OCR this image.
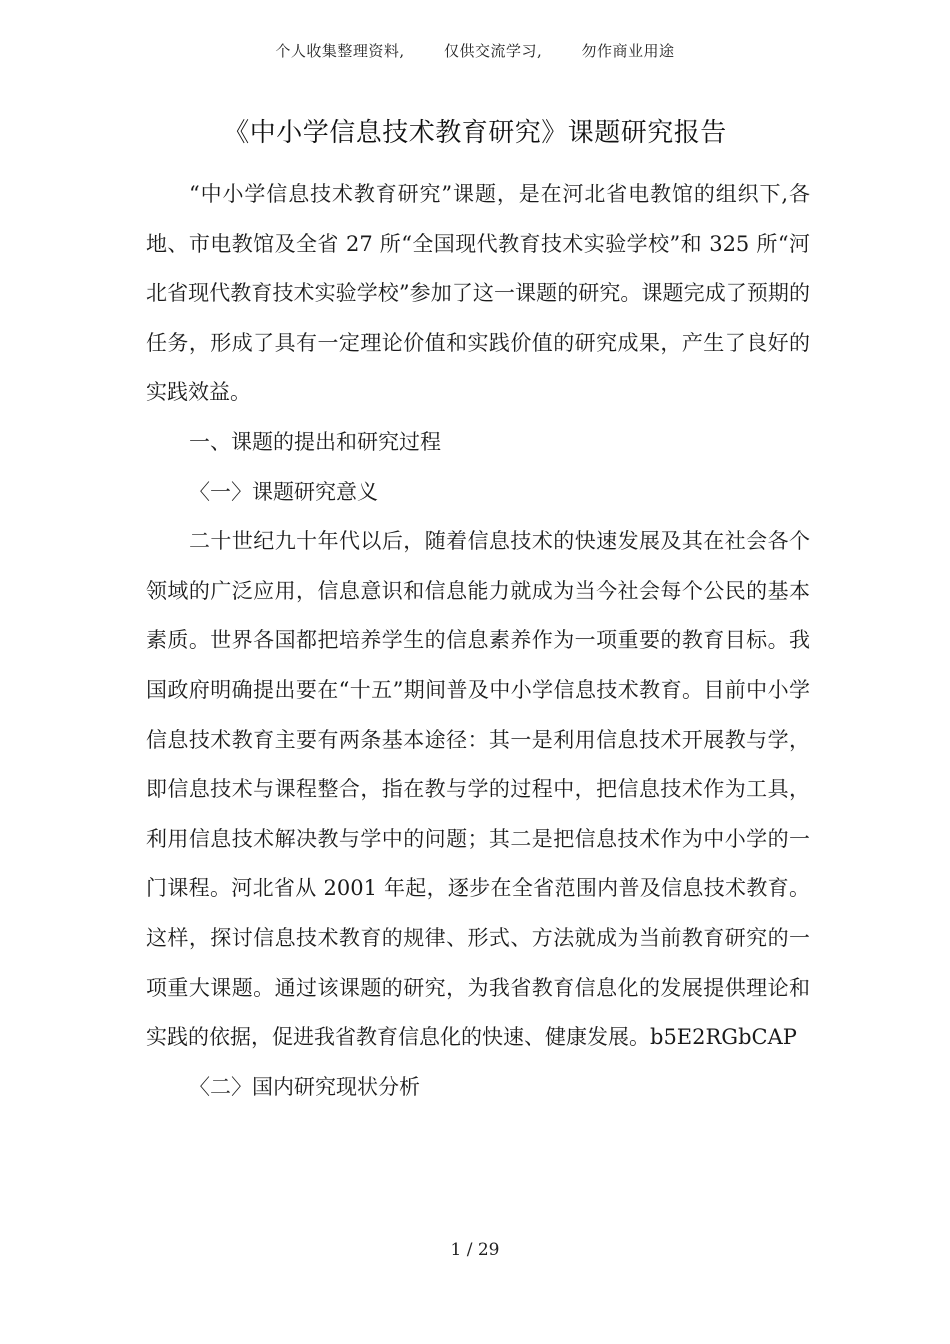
个人收集整理资料,	仅供交流学习,	勿作商业用途
《中小学信息技术教育研究》课题研究报告

“中小学信息技术教育研究”课题，是在河北省电教馆的组织下,各地、市电教馆及全省 27 所“全国现代教育技术实验学校”和 325 所“河北省现代教育技术实验学校”参加了这一课题的研究。课题完成了预期的任务，形成了具有一定理论价值和实践价值的研究成果，产生了良好的实践效益。

一、课题的提出和研究过程

〈一〉课题研究意义

二十世纪九十年代以后，随着信息技术的快速发展及其在社会各个领域的广泛应用，信息意识和信息能力就成为当今社会每个公民的基本素质。世界各国都把培养学生的信息素养作为一项重要的教育目标。我国政府明确提出要在“十五”期间普及中小学信息技术教育。目前中小学信息技术教育主要有两条基本途径：其一是利用信息技术开展教与学，即信息技术与课程整合，指在教与学的过程中，把信息技术作为工具，利用信息技术解决教与学中的问题；其二是把信息技术作为中小学的一门课程。河北省从 2001 年起，逐步在全省范围内普及信息技术教育。这样，探讨信息技术教育的规律、形式、方法就成为当前教育研究的一项重大课题。通过该课题的研究，为我省教育信息化的发展提供理论和实践的依据，促进我省教育信息化的快速、健康发展。b5E2RGbCAP

〈二〉国内研究现状分析

1 / 29
